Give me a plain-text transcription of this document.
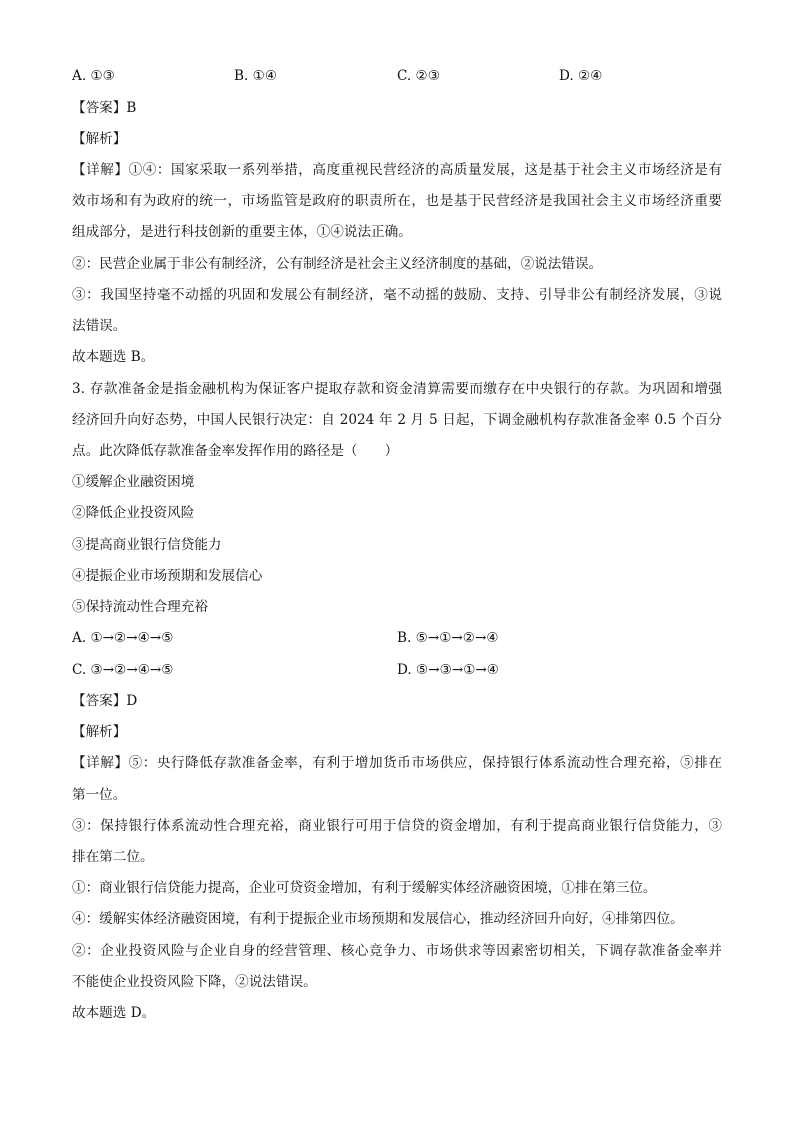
A. ①③	B. ①④	C. ②③	D. ②④
【答案】B
【解析】
【详解】①④：国家采取一系列举措，高度重视民营经济的高质量发展，这是基于社会主义市场经济是有
效市场和有为政府的统一，市场监管是政府的职责所在，也是基于民营经济是我国社会主义市场经济重要
组成部分，是进行科技创新的重要主体，①④说法正确。
②：民营企业属于非公有制经济，公有制经济是社会主义经济制度的基础，②说法错误。
③：我国坚持毫不动摇的巩固和发展公有制经济，毫不动摇的鼓励、支持、引导非公有制经济发展，③说
法错误。
故本题选 B。
3. 存款准备金是指金融机构为保证客户提取存款和资金清算需要而缴存在中央银行的存款。为巩固和增强
经济回升向好态势，中国人民银行决定：自 2024 年 2 月 5 日起，下调金融机构存款准备金率 0.5 个百分
点。此次降低存款准备金率发挥作用的路径是（　　）
①缓解企业融资困境
②降低企业投资风险
③提高商业银行信贷能力
④提振企业市场预期和发展信心
⑤保持流动性合理充裕
A. ①→②→④→⑤	B. ⑤→①→②→④
C. ③→②→④→⑤	D. ⑤→③→①→④
【答案】D
【解析】
【详解】⑤：央行降低存款准备金率，有利于增加货币市场供应，保持银行体系流动性合理充裕，⑤排在
第一位。
③：保持银行体系流动性合理充裕，商业银行可用于信贷的资金增加，有利于提高商业银行信贷能力，③
排在第二位。
①：商业银行信贷能力提高，企业可贷资金增加，有利于缓解实体经济融资困境，①排在第三位。
④：缓解实体经济融资困境，有利于提振企业市场预期和发展信心，推动经济回升向好，④排第四位。
②：企业投资风险与企业自身的经营管理、核心竞争力、市场供求等因素密切相关，下调存款准备金率并
不能使企业投资风险下降，②说法错误。
故本题选 D。
